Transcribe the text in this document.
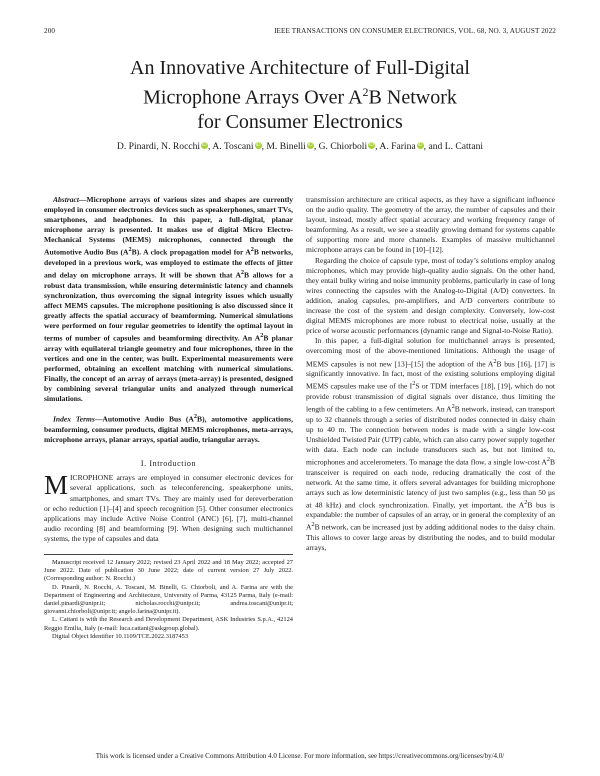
200	IEEE TRANSACTIONS ON CONSUMER ELECTRONICS, VOL. 68, NO. 3, AUGUST 2022
An Innovative Architecture of Full-Digital
Microphone Arrays Over $A^2B$ Network
for Consumer Electronics
D. Pinardi, N. Rocchi iD, A. Toscani iD, M. Binelli iD, G. Chiorboli iD, A. Farina iD, and L. Cattani

Abstract—Microphone arrays of various sizes and shapes are currently employed in consumer electronics devices such as speakerphones, smart TVs, smartphones, and headphones. In this paper, a full-digital, planar microphone array is presented. It makes use of digital Micro Electro-Mechanical Systems (MEMS) microphones, connected through the Automotive Audio Bus $(A^2B)$. A clock propagation model for $A^2B$ networks, developed in a previous work, was employed to estimate the effects of jitter and delay on microphone arrays. It will be shown that $A^2B$ allows for a robust data transmission, while ensuring deterministic latency and channels synchronization, thus overcoming the signal integrity issues which usually affect MEMS capsules. The microphone positioning is also discussed since it greatly affects the spatial accuracy of beamforming. Numerical simulations were performed on four regular geometries to identify the optimal layout in terms of number of capsules and beamforming directivity. An $A^2B$ planar array with equilateral triangle geometry and four microphones, three in the vertices and one in the center, was built. Experimental measurements were performed, obtaining an excellent matching with numerical simulations. Finally, the concept of an array of arrays (meta-array) is presented, designed by combining several triangular units and analyzed through numerical simulations.

Index Terms—Automotive Audio Bus $(A^2B)$, automotive applications, beamforming, consumer products, digital MEMS microphones, meta-arrays, microphone arrays, planar arrays, spatial audio, triangular arrays.

I. Introduction

MICROPHONE arrays are employed in consumer electronic devices for several applications, such as teleconferencing, speakerphone units, smartphones, and smart TVs. They are mainly used for dereverberation or echo reduction [1]–[4] and speech recognition [5]. Other consumer electronics applications may include Active Noise Control (ANC) [6], [7], multi-channel audio recording [8] and beamforming [9]. When designing such multichannel systems, the type of capsules and data

Manuscript received 12 January 2022; revised 23 April 2022 and 18 May 2022; accepted 27 June 2022. Date of publication 30 June 2022; date of current version 27 July 2022. (Corresponding author: N. Rocchi.)

D. Pinardi, N. Rocchi, A. Toscani, M. Binelli, G. Chiorboli, and A. Farina are with the Department of Engineering and Architecture, University of Parma, 43125 Parma, Italy (e-mail: daniel.pinardi@unipr.it; nicholas.rocchi@unipr.it; andrea.toscani@unipr.it; giovanni.chiorboli@unipr.it; angelo.farina@unipr.it).

L. Cattani is with the Research and Development Department, ASK Industries S.p.A., 42124 Reggio Emilia, Italy (e-mail: luca.cattani@askgroup.global).

Digital Object Identifier 10.1109/TCE.2022.3187453

transmission architecture are critical aspects, as they have a significant influence on the audio quality. The geometry of the array, the number of capsules and their layout, instead, mostly affect spatial accuracy and working frequency range of beamforming. As a result, we see a steadily growing demand for systems capable of supporting more and more channels. Examples of massive multichannel microphone arrays can be found in [10]–[12].

Regarding the choice of capsule type, most of today’s solutions employ analog microphones, which may provide high-quality audio signals. On the other hand, they entail bulky wiring and noise immunity problems, particularly in case of long wires connecting the capsules with the Analog-to-Digital (A/D) converters. In addition, analog capsules, pre-amplifiers, and A/D converters contribute to increase the cost of the system and design complexity. Conversely, low-cost digital MEMS microphones are more robust to electrical noise, usually at the price of worse acoustic performances (dynamic range and Signal-to-Noise Ratio).

In this paper, a full-digital solution for multichannel arrays is presented, overcoming most of the above-mentioned limitations. Although the usage of MEMS capsules is not new [13]–[15] the adoption of the $A^2B$ bus [16], [17] is significantly innovative. In fact, most of the existing solutions employing digital MEMS capsules make use of the $I^2S$ or TDM interfaces [18], [19], which do not provide robust transmission of digital signals over distance, thus limiting the length of the cabling to a few centimeters. An $A^2B$ network, instead, can transport up to 32 channels through a series of distributed nodes connected in daisy chain up to 40 m. The connection between nodes is made with a single low-cost Unshielded Twisted Pair (UTP) cable, which can also carry power supply together with data. Each node can include transducers such as, but not limited to, microphones and accelerometers. To manage the data flow, a single low-cost $A^2B$ transceiver is required on each node, reducing dramatically the cost of the network. At the same time, it offers several advantages for building microphone arrays such as low deterministic latency of just two samples (e.g., less than 50 μs at 48 kHz) and clock synchronization. Finally, yet important, the $A^2B$ bus is expandable: the number of capsules of an array, or in general the complexity of an $A^2B$ network, can be increased just by adding additional nodes to the daisy chain. This allows to cover large areas by distributing the nodes, and to build modular arrays,

This work is licensed under a Creative Commons Attribution 4.0 License. For more information, see https://creativecommons.org/licenses/by/4.0/
